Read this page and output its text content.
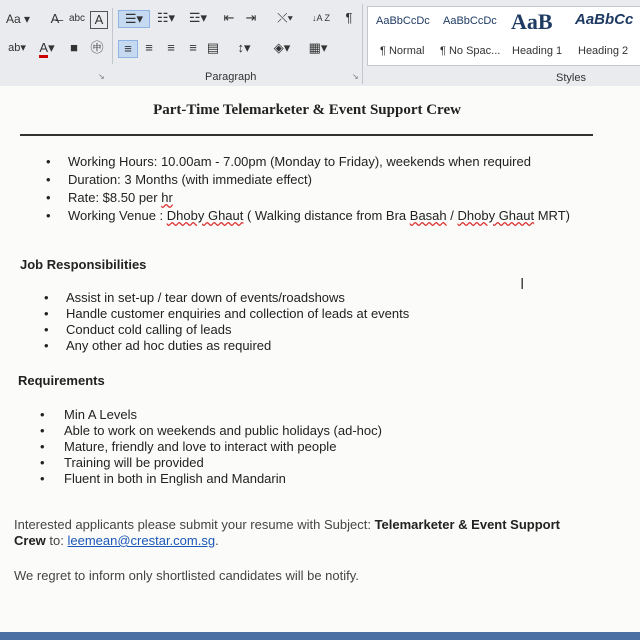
Aa ▾	A̶ abc A	☰▾	☷▾	☲▾	⇤ ⇥	⤬▾	↓A Z	¶
ab▾	A▾	■ ㊥	≡	≡	≡	≡ ▤	↕▾	◈▾	▦▾
↘	Paragraph	↘
AaBbCcDc
¶ Normal
AaBbCcDc
¶ No Spac...
AaB
Heading 1
AaBbCc
Heading 2
Styles
Part-Time Telemarketer & Event Support Crew
• Working Hours: 10.00am - 7.00pm (Monday to Friday), weekends when required
• Duration: 3 Months (with immediate effect)
• Rate: $8.50 per hr
• Working Venue : Dhoby Ghaut ( Walking distance from Bra Basah / Dhoby Ghaut MRT)
Job Responsibilities
• Assist in set-up / tear down of events/roadshows
• Handle customer enquiries and collection of leads at events
• Conduct cold calling of leads
• Any other ad hoc duties as required
Requirements
• Min A Levels
• Able to work on weekends and public holidays (ad-hoc)
• Mature, friendly and love to interact with people
• Training will be provided
• Fluent in both in English and Mandarin
Interested applicants please submit your resume with Subject: Telemarketer & Event Support
Crew to: leemean@crestar.com.sg.
We regret to inform only shortlisted candidates will be notify.
I
